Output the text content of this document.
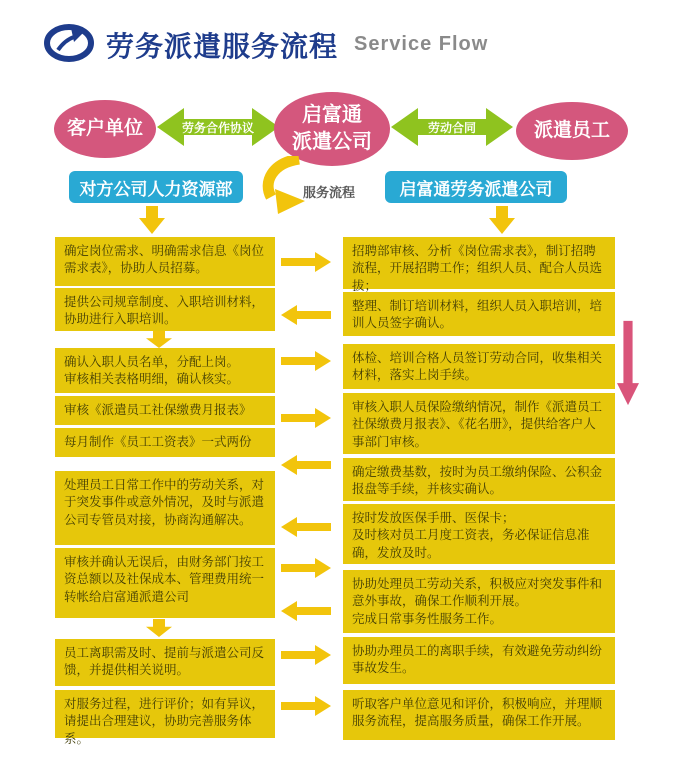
劳务派遣服务流程 Service Flow
客户单位	劳务合作协议
启富通
派遣公司
劳动合同	派遣员工
对方公司人力资源部	启富通劳务派遣公司
服务流程
确定岗位需求、明确需求信息《岗位需求表》，协助人员招募。
提供公司规章制度、入职培训材料，协助进行入职培训。
确认入职人员名单，分配上岗。
审核相关表格明细，确认核实。
审核《派遣员工社保缴费月报表》
每月制作《员工工资表》一式两份
处理员工日常工作中的劳动关系，对于突发事件或意外情况，及时与派遣公司专管员对接，协商沟通解决。
审核并确认无误后，由财务部门按工资总额以及社保成本、管理费用统一转帐给启富通派遣公司
员工离职需及时、提前与派遣公司反馈，并提供相关说明。
对服务过程，进行评价；如有异议，请提出合理建议，协助完善服务体系。
招聘部审核、分析《岗位需求表》，制订招聘流程，开展招聘工作；组织人员、配合人员选拔；
整理、制订培训材料，组织人员入职培训，培训人员签字确认。
体检、培训合格人员签订劳动合同，收集相关材料，落实上岗手续。
审核入职人员保险缴纳情况，制作《派遣员工社保缴费月报表》、《花名册》，提供给客户人事部门审核。
确定缴费基数，按时为员工缴纳保险、公积金报盘等手续，并核实确认。
按时发放医保手册、医保卡；
及时核对员工月度工资表，务必保证信息准确，发放及时。
协助处理员工劳动关系，积极应对突发事件和意外事故，确保工作顺利开展。
完成日常事务性服务工作。
协助办理员工的离职手续，有效避免劳动纠纷事故发生。
听取客户单位意见和评价，积极响应，并理顺服务流程，提高服务质量，确保工作开展。
